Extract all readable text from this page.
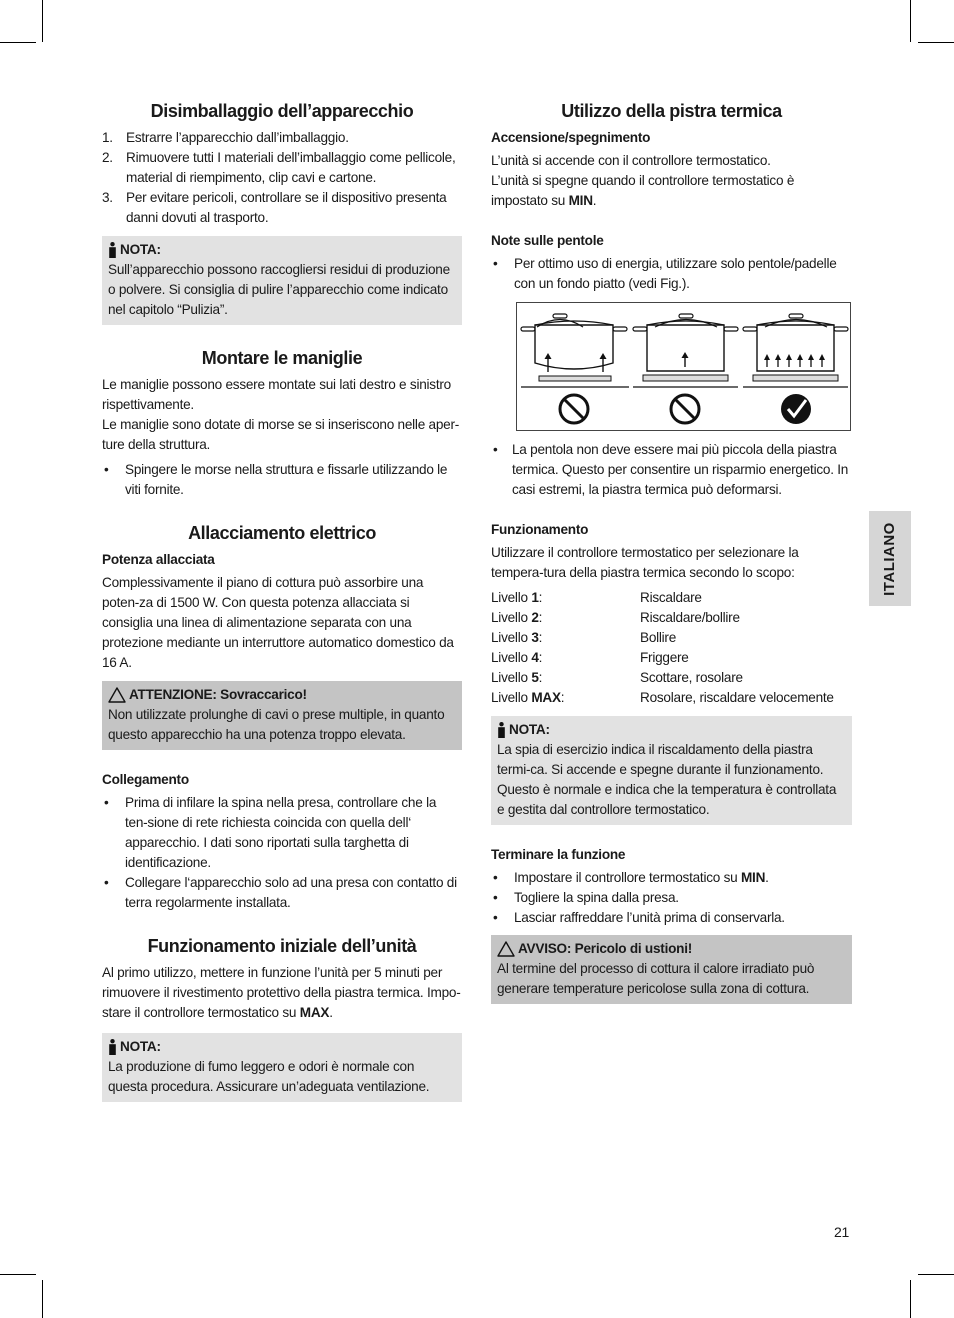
Disimballaggio dell’apparecchio
1. Estrarre l’apparecchio dall’imballaggio.
2. Rimuovere tutti I materiali dell’imballaggio come pellicole, material di riempimento, clip cavi e cartone.
3. Per evitare pericoli, controllare se il dispositivo presenta danni dovuti al trasporto.
NOTA:

Sull’apparecchio possono raccogliersi residui di produzione o polvere. Si consiglia di pulire l’apparecchio come indicato nel capitolo “Pulizia”.

Montare le maniglie

Le maniglie possono essere montate sui lati destro e sinistro rispettivamente.

Le maniglie sono dotate di morse se si inseriscono nelle aper-ture della struttura.

•	Spingere le morse nella struttura e fissarle utilizzando le viti fornite.
Allacciamento elettrico
Potenza allacciata

Complessivamente il piano di cottura può assorbire una poten-za di 1500 W. Con questa potenza allacciata si consiglia una linea di alimentazione separata con una protezione mediante un interruttore automatico domestico da 16 A.

ATTENZIONE: Sovraccarico!

Non utilizzate prolunghe di cavi o prese multiple, in quanto questo apparecchio ha una potenza troppo elevata.

Collegamento
•	Prima di infilare la spina nella presa, controllare che la ten-sione di rete richiesta coincida con quella dell‘ apparecchio. I dati sono riportati sulla targhetta di identificazione.
•	Collegare l‘apparecchio solo ad una presa con contatto di terra regolarmente installata.
Funzionamento iniziale dell’unità

Al primo utilizzo, mettere in funzione l’unità per 5 minuti per rimuovere il rivestimento protettivo della piastra termica. Impo-stare il controllore termostatico su MAX.

NOTA:

La produzione di fumo leggero e odori è normale con questa procedura. Assicurare un’adeguata ventilazione.

Utilizzo della pistra termica
Accensione/spegnimento

L’unità si accende con il controllore termostatico.

L’unità si spegne quando il controllore termostatico è impostato su MIN.

Note sulle pentole
•	Per ottimo uso di energia, utilizzare solo pentole/padelle con un fondo piatto (vedi Fig.).
•	La pentola non deve essere mai più piccola della piastra termica. Questo per consentire un risparmio energetico. In casi estremi, la piastra termica può deformarsi.
Funzionamento

Utilizzare il controllore termostatico per selezionare la tempera-tura della piastra termica secondo lo scopo:

Livello 1:	Riscaldare
Livello 2:	Riscaldare/bollire
Livello 3:	Bollire
Livello 4:	Friggere
Livello 5:	Scottare, rosolare
Livello MAX:	Rosolare, riscaldare velocemente
NOTA:

La spia di esercizio indica il riscaldamento della piastra termi-ca. Si accende e spegne durante il funzionamento. Questo è normale e indica che la temperatura è controllata e gestita dal controllore termostatico.

Terminare la funzione
•	Impostare il controllore termostatico su MIN.
•	Togliere la spina dalla presa.
•	Lasciar raffreddare l’unità prima di conservarla.
AVVISO: Pericolo di ustioni!

Al termine del processo di cottura il calore irradiato può generare temperature pericolose sulla zona di cottura.

ITALIANO
21
